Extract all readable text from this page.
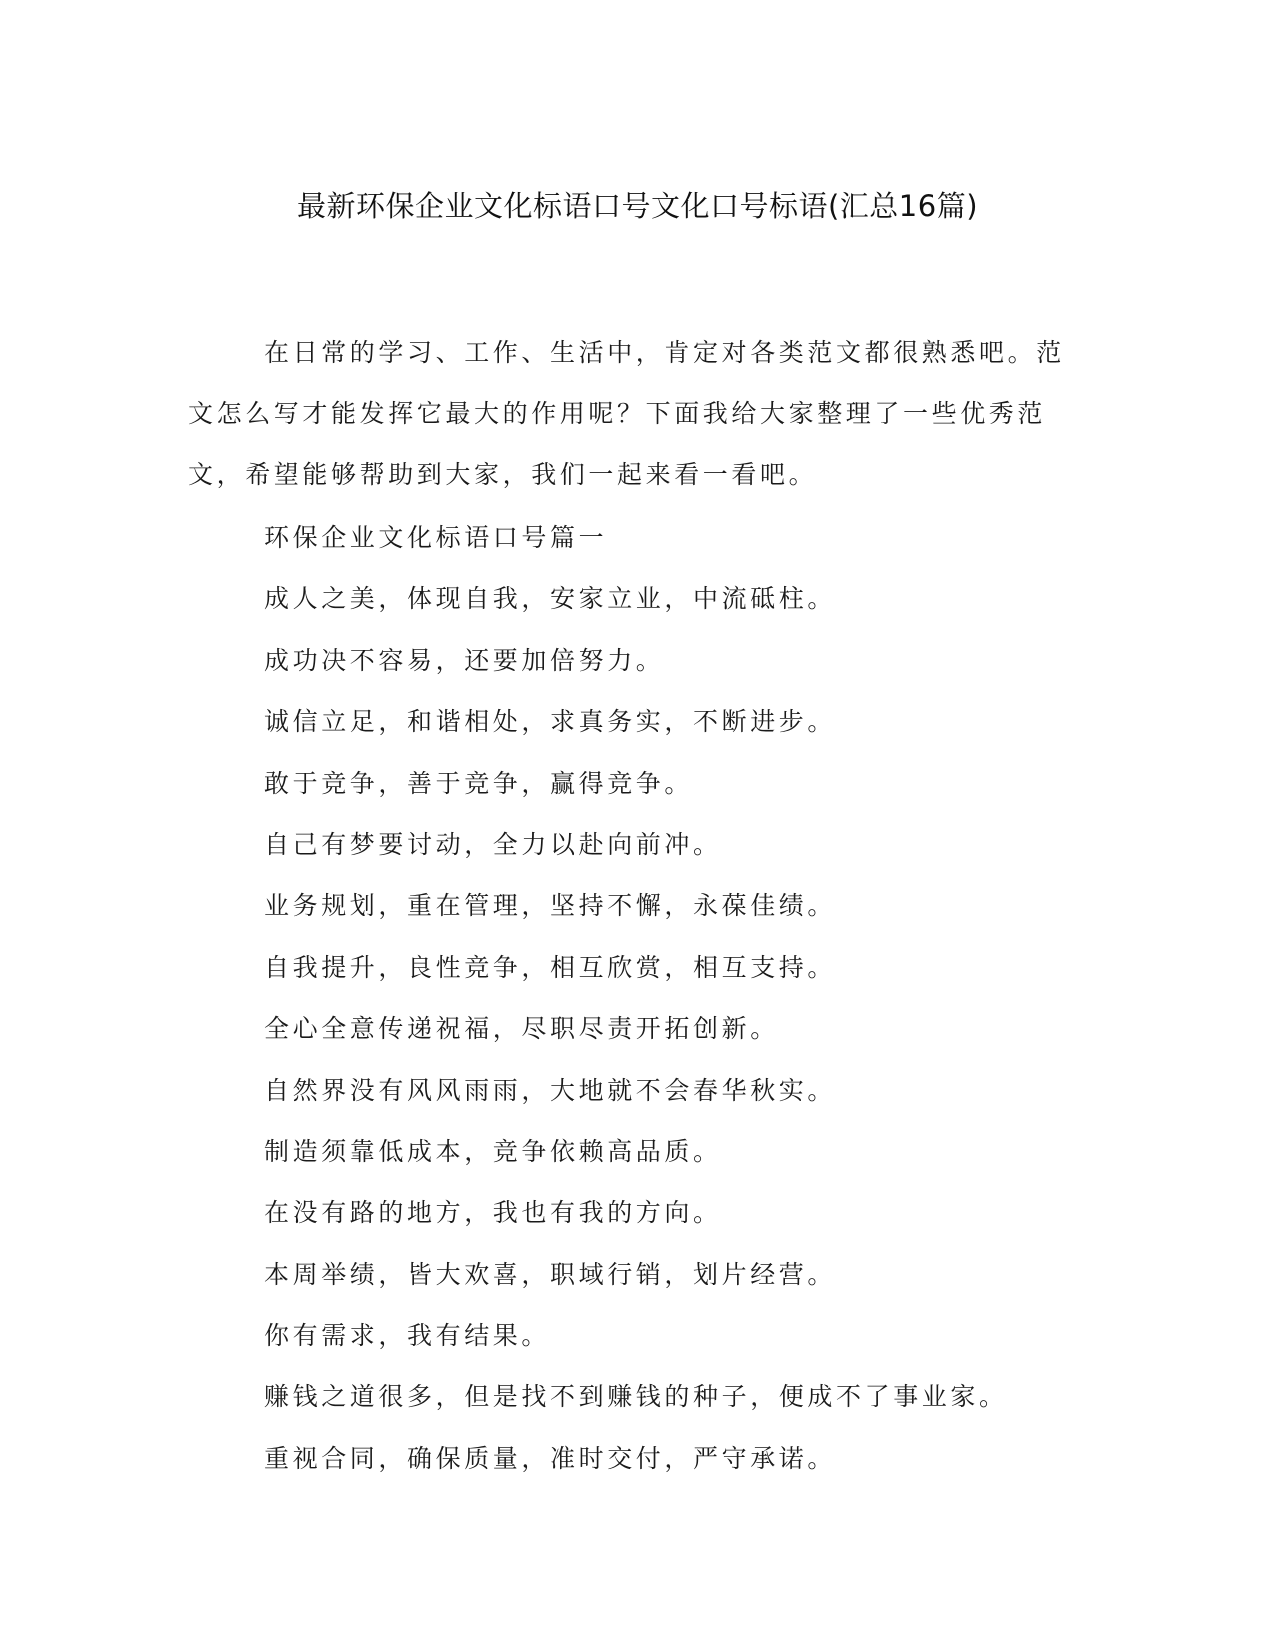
最新环保企业文化标语口号文化口号标语(汇总16篇)

在日常的学习、工作、生活中，肯定对各类范文都很熟悉吧。范文怎么写才能发挥它最大的作用呢？下面我给大家整理了一些优秀范文，希望能够帮助到大家，我们一起来看一看吧。

环保企业文化标语口号篇一
成人之美，体现自我，安家立业，中流砥柱。
成功决不容易，还要加倍努力。
诚信立足，和谐相处，求真务实，不断进步。
敢于竞争，善于竞争，赢得竞争。
自己有梦要讨动，全力以赴向前冲。
业务规划，重在管理，坚持不懈，永葆佳绩。
自我提升，良性竞争，相互欣赏，相互支持。
全心全意传递祝福，尽职尽责开拓创新。
自然界没有风风雨雨，大地就不会春华秋实。
制造须靠低成本，竞争依赖高品质。
在没有路的地方，我也有我的方向。
本周举绩，皆大欢喜，职域行销，划片经营。
你有需求，我有结果。
赚钱之道很多，但是找不到赚钱的种子，便成不了事业家。
重视合同，确保质量，准时交付，严守承诺。
